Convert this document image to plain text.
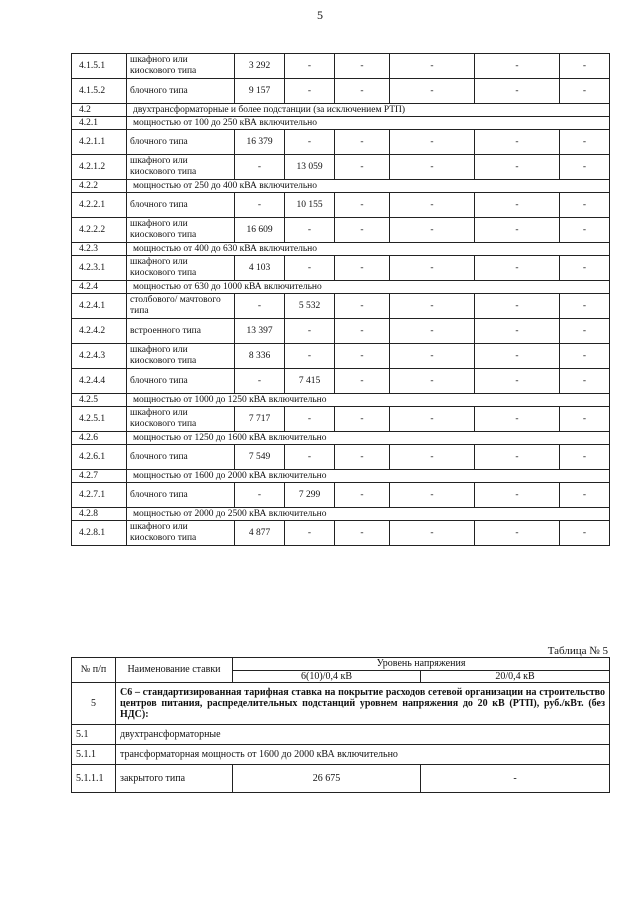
5
4.1.5.1	шкафного или киоскового типа	3 292	-	-	-	-	-
4.1.5.2	блочного типа	9 157	-	-	-	-	-
4.2	двухтрансформаторные и более подстанции (за исключением РТП)						
4.2.1	мощностью от 100 до 250 кВА включительно						
4.2.1.1	блочного типа	16 379	-	-	-	-	-
4.2.1.2	шкафного или киоскового типа	-	13 059	-	-	-	-
4.2.2	мощностью от 250 до 400 кВА включительно						
4.2.2.1	блочного типа	-	10 155	-	-	-	-
4.2.2.2	шкафного или киоскового типа	16 609	-	-	-	-	-
4.2.3	мощностью от 400 до 630 кВА включительно						
4.2.3.1	шкафного или киоскового типа	4 103	-	-	-	-	-
4.2.4	мощностью от 630 до 1000 кВА включительно						
4.2.4.1	столбового/ мачтового типа	-	5 532	-	-	-	-
4.2.4.2	встроенного типа	13 397	-	-	-	-	-
4.2.4.3	шкафного или киоскового типа	8 336	-	-	-	-	-
4.2.4.4	блочного типа	-	7 415	-	-	-	-
4.2.5	мощностью от 1000 до 1250 кВА включительно						
4.2.5.1	шкафного или киоскового типа	7 717	-	-	-	-	-
4.2.6	мощностью от 1250 до 1600 кВА включительно						
4.2.6.1	блочного типа	7 549	-	-	-	-	-
4.2.7	мощностью от 1600 до 2000 кВА включительно						
4.2.7.1	блочного типа	-	7 299	-	-	-	-
4.2.8	мощностью от 2000 до 2500 кВА включительно						
4.2.8.1	шкафного или киоскового типа	4 877	-	-	-	-	-
Таблица № 5
№ п/п	Наименование ставки	Уровень напряжения	
		6(10)/0,4 кВ	20/0,4 кВ
5	С6 – стандартизированная тарифная ставка на покрытие расходов сетевой организации на строительство центров питания, распределительных подстанций уровнем напряжения до 20 кВ (РТП), руб./кВт. (без НДС):		
5.1	двухтрансформаторные		
5.1.1	трансформаторная мощность от 1600 до 2000 кВА включительно		
5.1.1.1	закрытого типа	26 675	-
